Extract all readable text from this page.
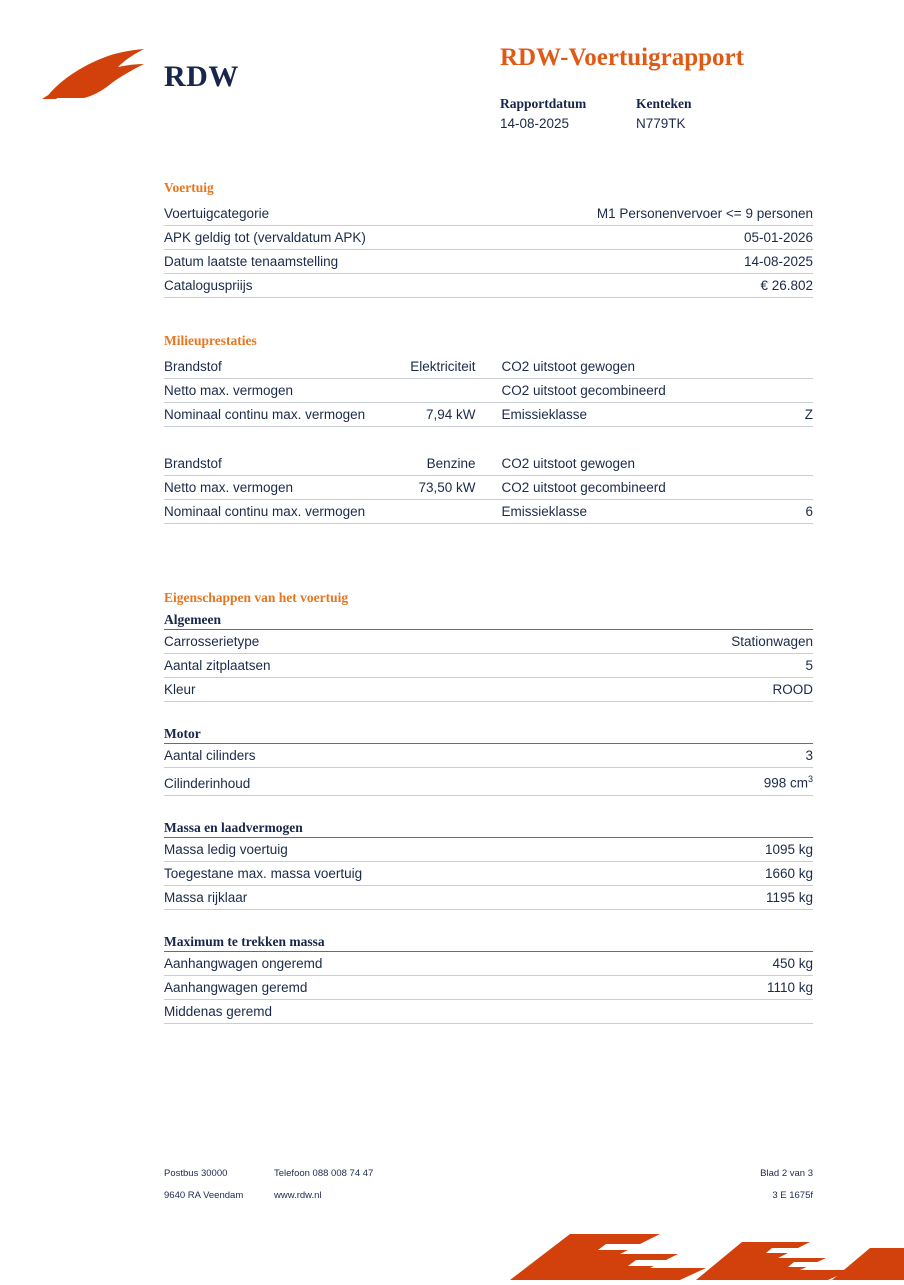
RDW
RDW-Voertuigrapport
Rapportdatum
14-08-2025
Kenteken
N779TK
Voertuig
Voertuigcategorie	M1 Personenvervoer <= 9 personen
APK geldig tot (vervaldatum APK)	05-01-2026
Datum laatste tenaamstelling	14-08-2025
Cataloguspriijs	€ 26.802
Milieuprestaties
Brandstof	Elektriciteit	CO2 uitstoot gewogen	
Netto max. vermogen		CO2 uitstoot gecombineerd	
Nominaal continu max. vermogen	7,94 kW	Emissieklasse	Z
Brandstof	Benzine	CO2 uitstoot gewogen	
Netto max. vermogen	73,50 kW	CO2 uitstoot gecombineerd	
Nominaal continu max. vermogen		Emissieklasse	6
Eigenschappen van het voertuig
Algemeen
Carrosserietype	Stationwagen
Aantal zitplaatsen	5
Kleur	ROOD
Motor
Aantal cilinders	3
Cilinderinhoud	998 $cm^3$
Massa en laadvermogen
Massa ledig voertuig	1095 kg
Toegestane max. massa voertuig	1660 kg
Massa rijklaar	1195 kg
Maximum te trekken massa
Aanhangwagen ongeremd	450 kg
Aanhangwagen geremd	1110 kg
Middenas geremd	
Postbus 30000	Telefoon 088 008 74 47	Blad 2 van 3
9640 RA Veendam	www.rdw.nl	3 E 1675f
